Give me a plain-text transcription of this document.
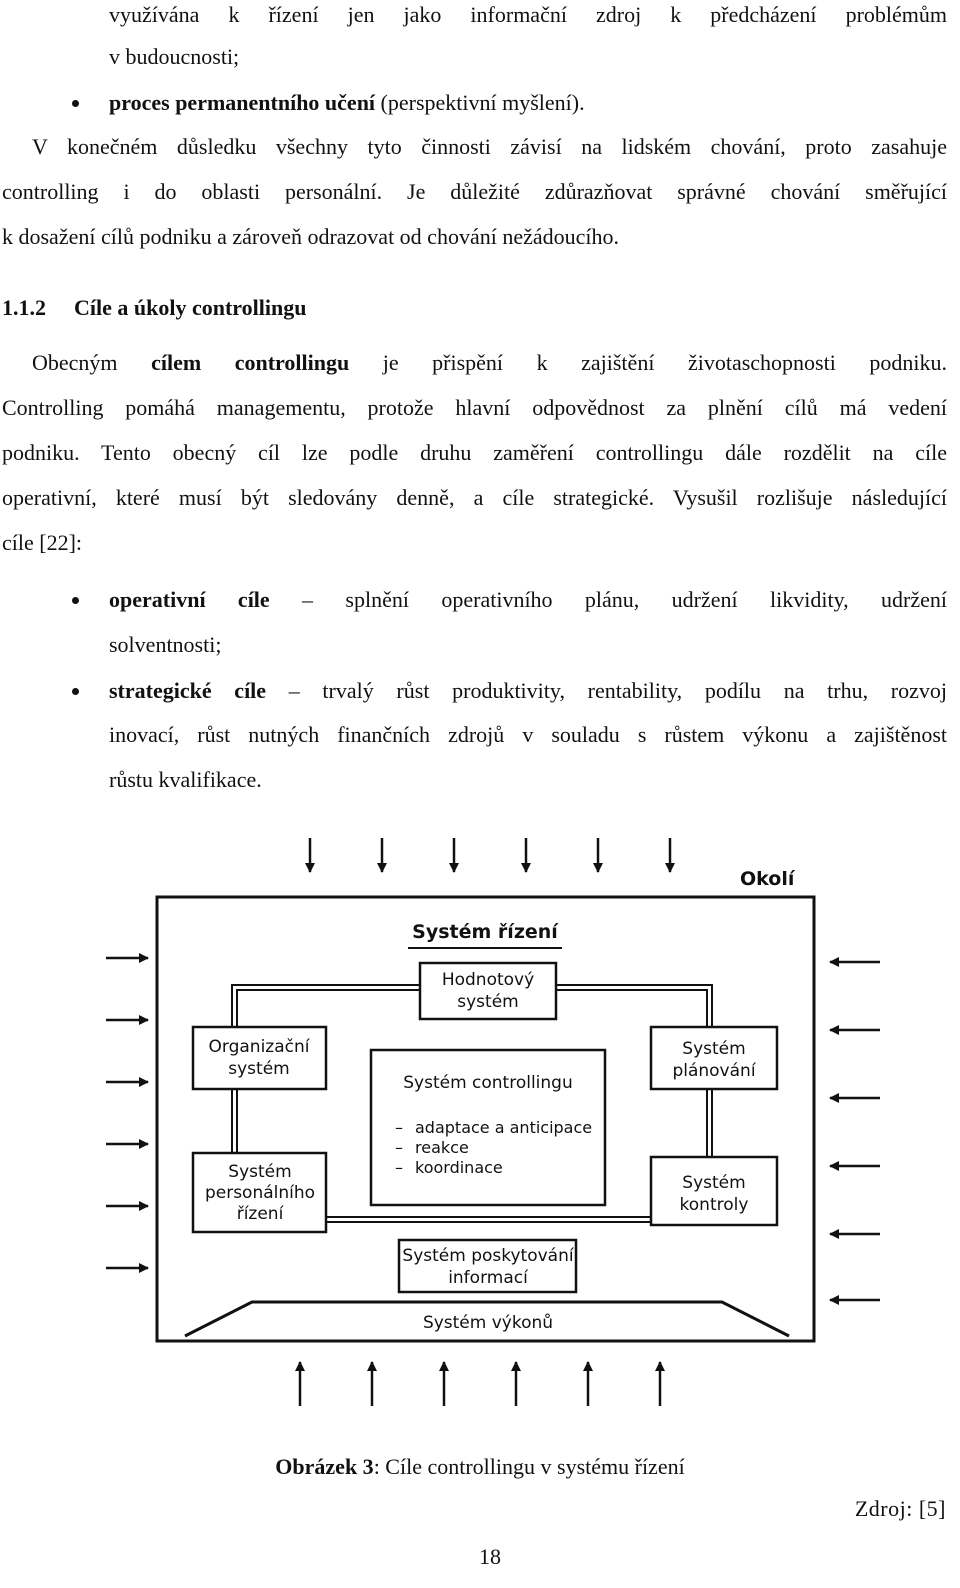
využívána k řízení jen jako informační zdroj k předcházení problémům
v budoucnosti;
proces permanentního učení (perspektivní myšlení).
V konečném důsledku všechny tyto činnosti závisí na lidském chování, proto zasahuje
controlling i do oblasti personální. Je důležité zdůrazňovat správné chování směřující
k dosažení cílů podniku a zároveň odrazovat od chování nežádoucího.
1.1.2 Cíle a úkoly controllingu
Obecným cílem controllingu je přispění k zajištění životaschopnosti podniku.
Controlling pomáhá managementu, protože hlavní odpovědnost za plnění cílů má vedení
podniku. Tento obecný cíl lze podle druhu zaměření controllingu dále rozdělit na cíle
operativní, které musí být sledovány denně, a cíle strategické. Vysušil rozlišuje následující
cíle [22]:
operativní cíle – splnění operativního plánu, udržení likvidity, udržení
solventnosti;
strategické cíle – trvalý růst produktivity, rentability, podílu na trhu, rozvoj
inovací, růst nutných finančních zdrojů v souladu s růstem výkonu a zajištěnost
růstu kvalifikace.
Okolí
Systém řízení
Hodnotový
systém
Organizační
systém
Systém
plánování
Systém controllingu
– adaptace a anticipace
– reakce
– koordinace
Systém
personálního
řízení
Systém
kontroly
Systém poskytování
informací
Systém výkonů
Obrázek 3: Cíle controllingu v systému řízení
Zdroj: [5]
18
